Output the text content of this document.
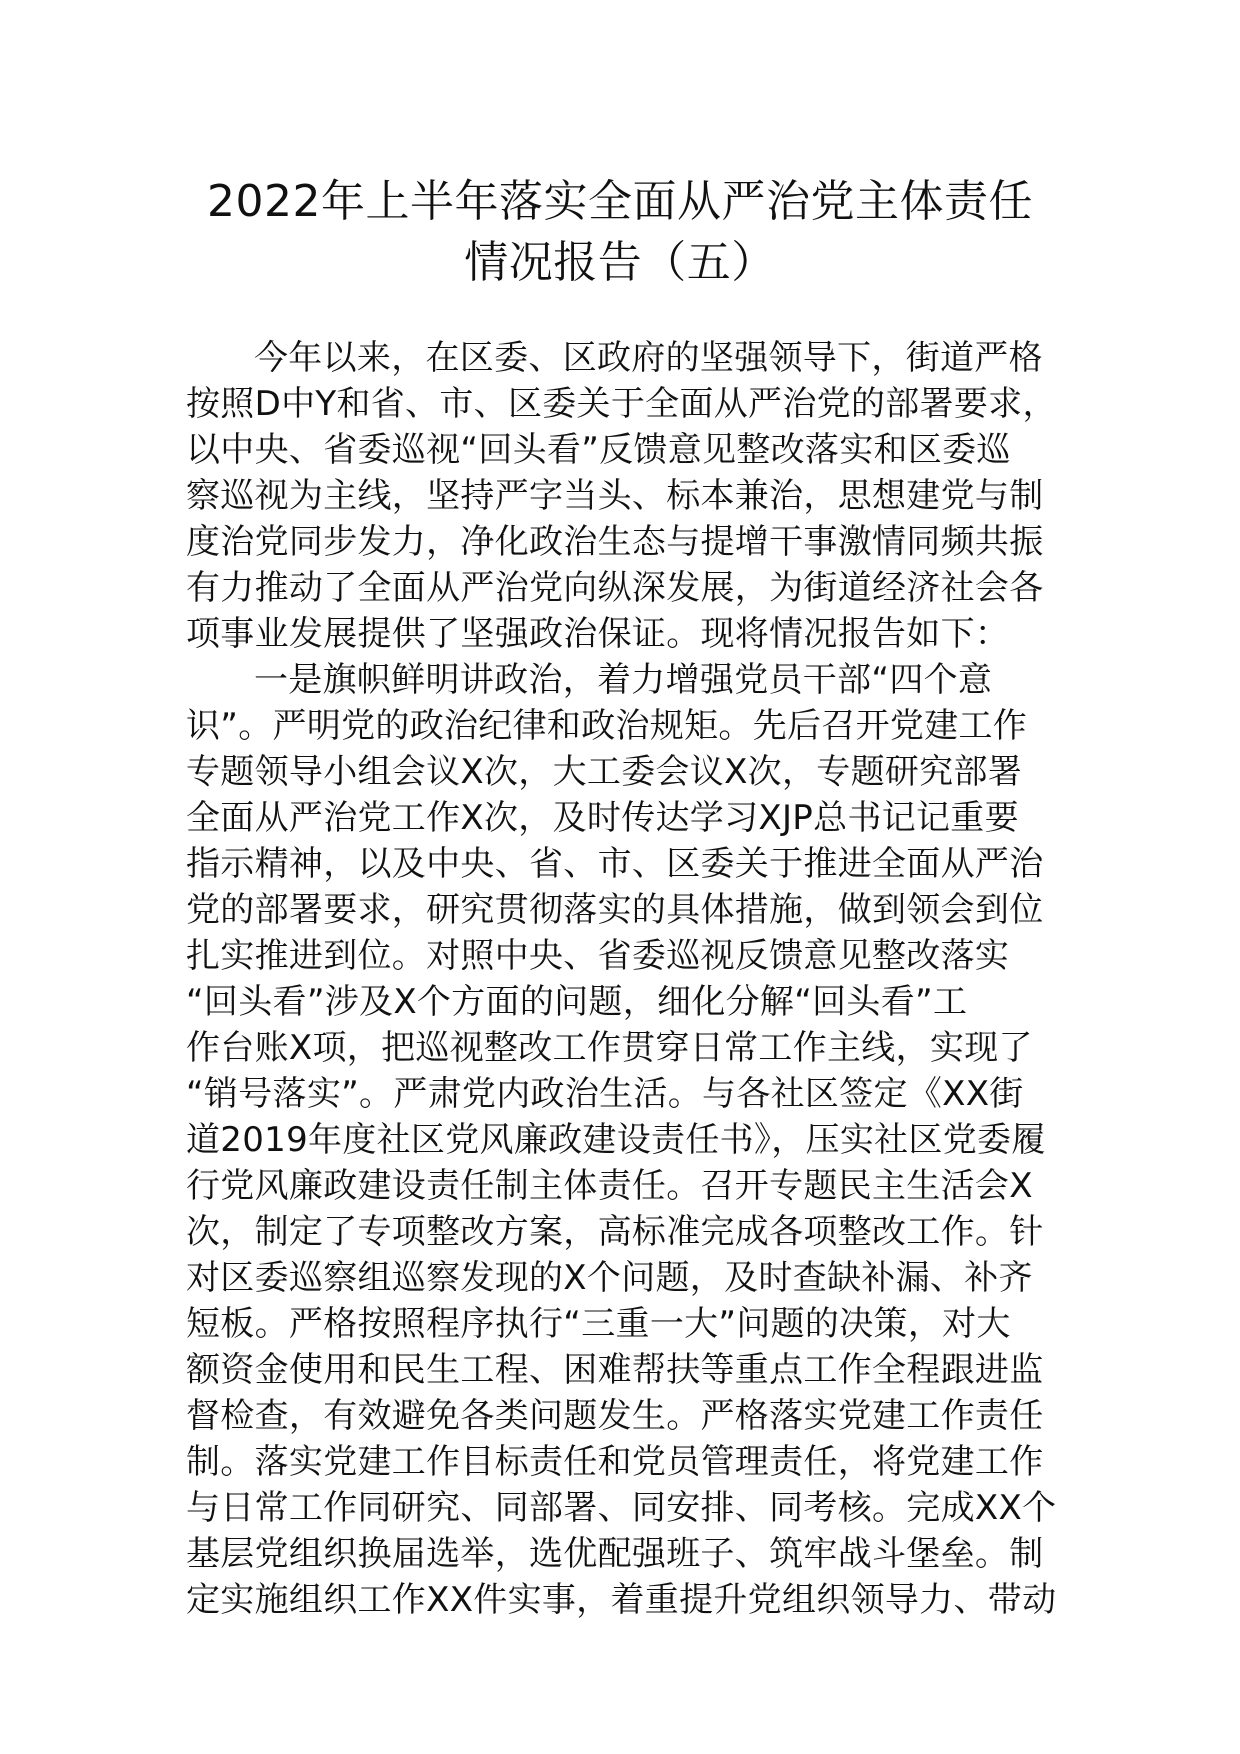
2022年上半年落实全面从严治党主体责任
情况报告（五）
今年以来，在区委、区政府的坚强领导下，街道严格
按照D中Y和省、市、区委关于全面从严治党的部署要求，
以中央、省委巡视“回头看”反馈意见整改落实和区委巡
察巡视为主线，坚持严字当头、标本兼治，思想建党与制
度治党同步发力，净化政治生态与提增干事激情同频共振
有力推动了全面从严治党向纵深发展，为街道经济社会各
项事业发展提供了坚强政治保证。现将情况报告如下：
一是旗帜鲜明讲政治，着力增强党员干部“四个意
识”。严明党的政治纪律和政治规矩。先后召开党建工作
专题领导小组会议X次，大工委会议X次，专题研究部署
全面从严治党工作X次，及时传达学习XJP总书记记重要
指示精神，以及中央、省、市、区委关于推进全面从严治
党的部署要求，研究贯彻落实的具体措施，做到领会到位
扎实推进到位。对照中央、省委巡视反馈意见整改落实
“回头看”涉及X个方面的问题，细化分解“回头看”工
作台账X项，把巡视整改工作贯穿日常工作主线，实现了
“销号落实”。严肃党内政治生活。与各社区签定《XX街
道2019年度社区党风廉政建设责任书》，压实社区党委履
行党风廉政建设责任制主体责任。召开专题民主生活会X
次，制定了专项整改方案，高标准完成各项整改工作。针
对区委巡察组巡察发现的X个问题，及时查缺补漏、补齐
短板。严格按照程序执行“三重一大”问题的决策，对大
额资金使用和民生工程、困难帮扶等重点工作全程跟进监
督检查，有效避免各类问题发生。严格落实党建工作责任
制。落实党建工作目标责任和党员管理责任，将党建工作
与日常工作同研究、同部署、同安排、同考核。完成XX个
基层党组织换届选举，选优配强班子、筑牢战斗堡垒。制
定实施组织工作XX件实事，着重提升党组织领导力、带动
